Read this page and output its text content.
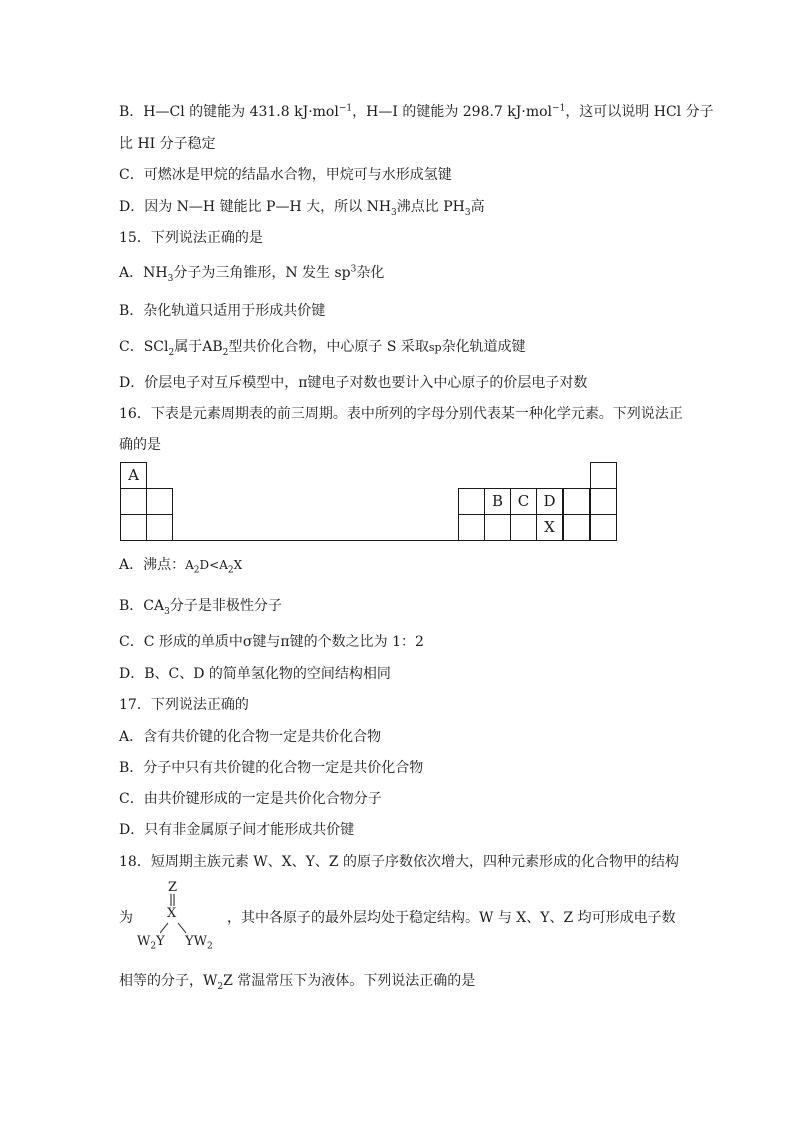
B．H—Cl 的键能为 431.8 kJ·mol$^{-1}$，H—I 的键能为 298.7 kJ·mol$^{-1}$，这可以说明 HCl 分子
比 HI 分子稳定
C．可燃冰是甲烷的结晶水合物，甲烷可与水形成氢键
D．因为 N—H 键能比 P—H 大，所以 $NH_3$沸点比 $PH_3$高
15．下列说法正确的是
A．$NH_3$分子为三角锥形，N 发生 $sp^3$杂化
B．杂化轨道只适用于形成共价键
C．SCl$_2$属于$AB_2$型共价化合物，中心原子 S 采取sp杂化轨道成键
D．价层电子对互斥模型中，π键电子对数也要计入中心原子的价层电子对数
16．下表是元素周期表的前三周期。表中所列的字母分别代表某一种化学元素。下列说法正
确的是
A
B C D
X
A．沸点：$A_2D<A_2X$
B．$CA_3$分子是非极性分子
C．C 形成的单质中σ键与π键的个数之比为 1：2
D．B、C、D 的简单氢化物的空间结构相同
17．下列说法正确的
A．含有共价键的化合物一定是共价化合物
B．分子中只有共价键的化合物一定是共价化合物
C．由共价键形成的一定是共价化合物分子
D．只有非金属原子间才能形成共价键
18．短周期主族元素 W、X、Y、Z 的原子序数依次增大，四种元素形成的化合物甲的结构
为
Z
X
$W_2Y$ $YW_2$
，其中各原子的最外层均处于稳定结构。W 与 X、Y、Z 均可形成电子数
相等的分子，$W_2Z$ 常温常压下为液体。下列说法正确的是
